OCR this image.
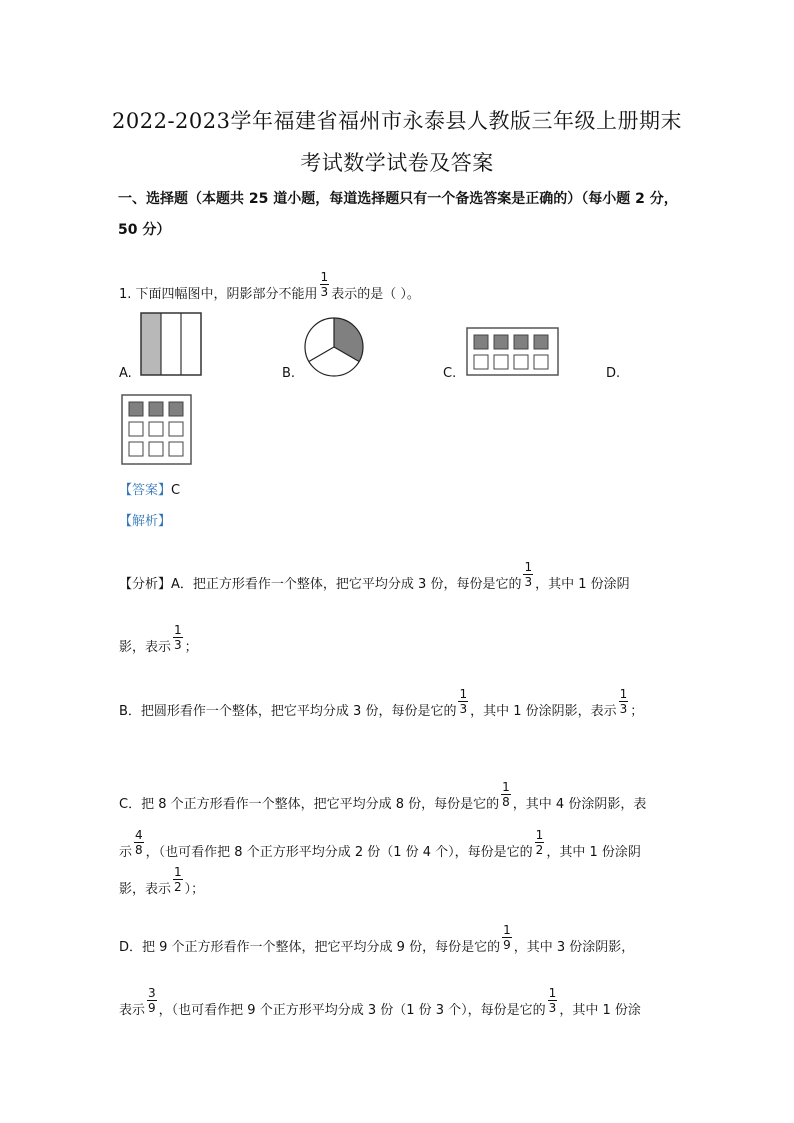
2022-2023学年福建省福州市永泰县人教版三年级上册期末
考试数学试卷及答案
一、选择题（本题共 25 道小题，每道选择题只有一个备选答案是正确的）（每小题 2 分，
50 分）
1. 下面四幅图中，阴影部分不能用 $\frac{1}{3}$ 表示的是（ ）。
A.	B.	C.	D.
【答案】C
【解析】
【分析】A．把正方形看作一个整体，把它平均分成 3 份，每份是它的 $\frac{1}{3}$ ，其中 1 份涂阴
影，表示 $\frac{1}{3}$ ；
B．把圆形看作一个整体，把它平均分成 3 份，每份是它的 $\frac{1}{3}$ ，其中 1 份涂阴影，表示 $\frac{1}{3}$ ；
C．把 8 个正方形看作一个整体，把它平均分成 8 份，每份是它的 $\frac{1}{8}$ ，其中 4 份涂阴影，表
示 $\frac{4}{8}$ ，（也可看作把 8 个正方形平均分成 2 份（1 份 4 个），每份是它的 $\frac{1}{2}$ ，其中 1 份涂阴
影，表示 $\frac{1}{2}$ ）；
D．把 9 个正方形看作一个整体，把它平均分成 9 份，每份是它的 $\frac{1}{9}$ ，其中 3 份涂阴影，
表示 $\frac{3}{9}$ ，（也可看作把 9 个正方形平均分成 3 份（1 份 3 个），每份是它的 $\frac{1}{3}$ ，其中 1 份涂
